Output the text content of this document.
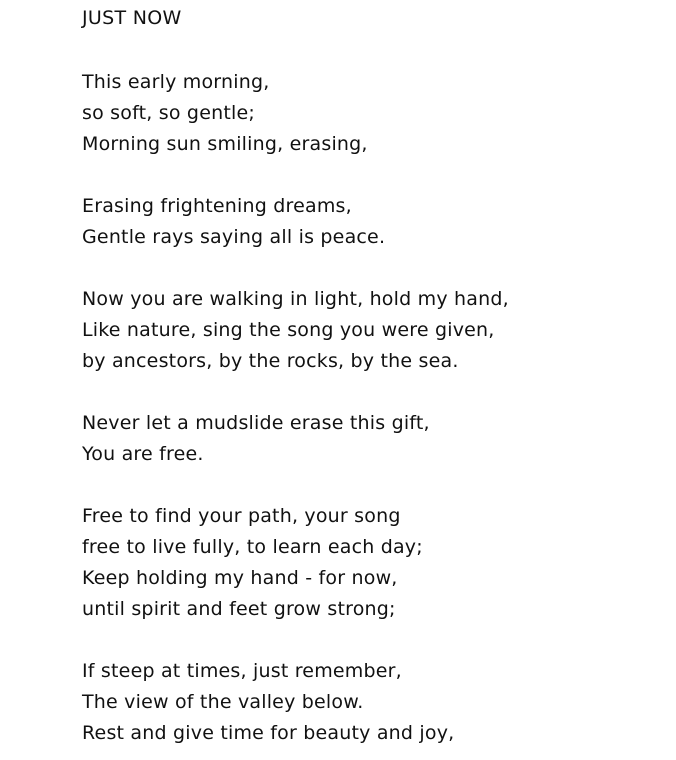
JUST NOW
This early morning,
so soft, so gentle;
Morning sun smiling, erasing,
Erasing frightening dreams,
Gentle rays saying all is peace.
Now you are walking in light, hold my hand,
Like nature, sing the song you were given,
by ancestors, by the rocks, by the sea.
Never let a mudslide erase this gift,
You are free.
Free to find your path, your song
free to live fully, to learn each day;
Keep holding my hand - for now,
until spirit and feet grow strong;
If steep at times, just remember,
The view of the valley below.
Rest and give time for beauty and joy,
